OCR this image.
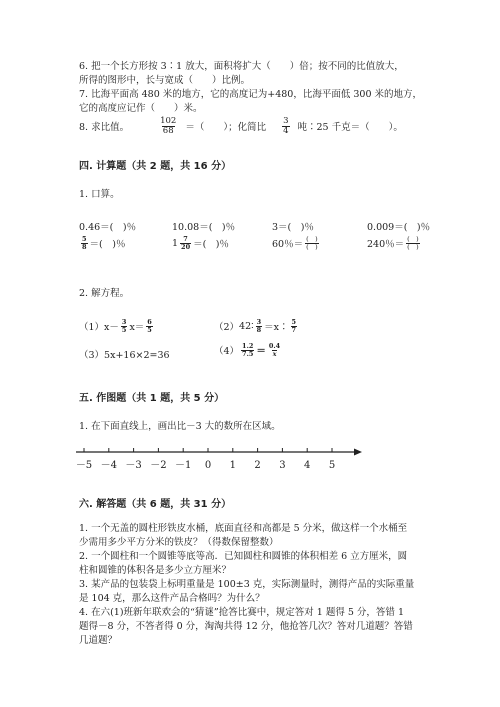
6. 把一个长方形按 3∶1 放大，面积将扩大（　　）倍；按不同的比值放大，
所得的图形中，长与宽成（　　）比例。
7. 比海平面高 480 米的地方，它的高度记为+480，比海平面低 300 米的地方，
它的高度应记作（　　）米。
8. 求比值。	$\frac{102}{68}$ ＝（　　）；化简比 $\frac{3}{4}$ 吨∶25 千克＝（　　）。
四. 计算题（共 2 题，共 16 分）
1. 口算。
0.46＝(　)％	10.08＝(　)％	3＝(　)％	0.009＝(　)％
$\frac{5}{8}$ ＝(　)％	$1 \frac{7}{20}$ ＝(　)％	60％＝ $\frac{( )}{( )}$	240％＝ $\frac{( )}{( )}$
2. 解方程。
（1） $x- \frac{3}{5} x= \frac{6}{5}$	（2） 42∶ $\frac{3}{8}$ ＝x∶ $\frac{5}{7}$
（3）5x+16×2=36	$(4) \frac{1.2}{7.5} = \frac{0.4}{x}$
五. 作图题（共 1 题，共 5 分）
1. 在下面直线上，画出比－3 大的数所在区域。
－5 －4 －3 －2 －1 0 1 2 3 4 5
六. 解答题（共 6 题，共 31 分）
1. 一个无盖的圆柱形铁皮水桶，底面直径和高都是 5 分米，做这样一个水桶至
少需用多少平方分米的铁皮？（得数保留整数）
2. 一个圆柱和一个圆锥等底等高．已知圆柱和圆锥的体积相差 6 立方厘米，圆
柱和圆锥的体积各是多少立方厘米？
3. 某产品的包装袋上标明重量是 100±3 克，实际测量时，测得产品的实际重量
是 104 克，那么这件产品合格吗？为什么？
4. 在六(1)班新年联欢会的“猜谜”抢答比赛中，规定答对 1 题得 5 分，答错 1
题得－8 分，不答者得 0 分，淘淘共得 12 分，他抢答几次？答对几道题？答错
几道题？
